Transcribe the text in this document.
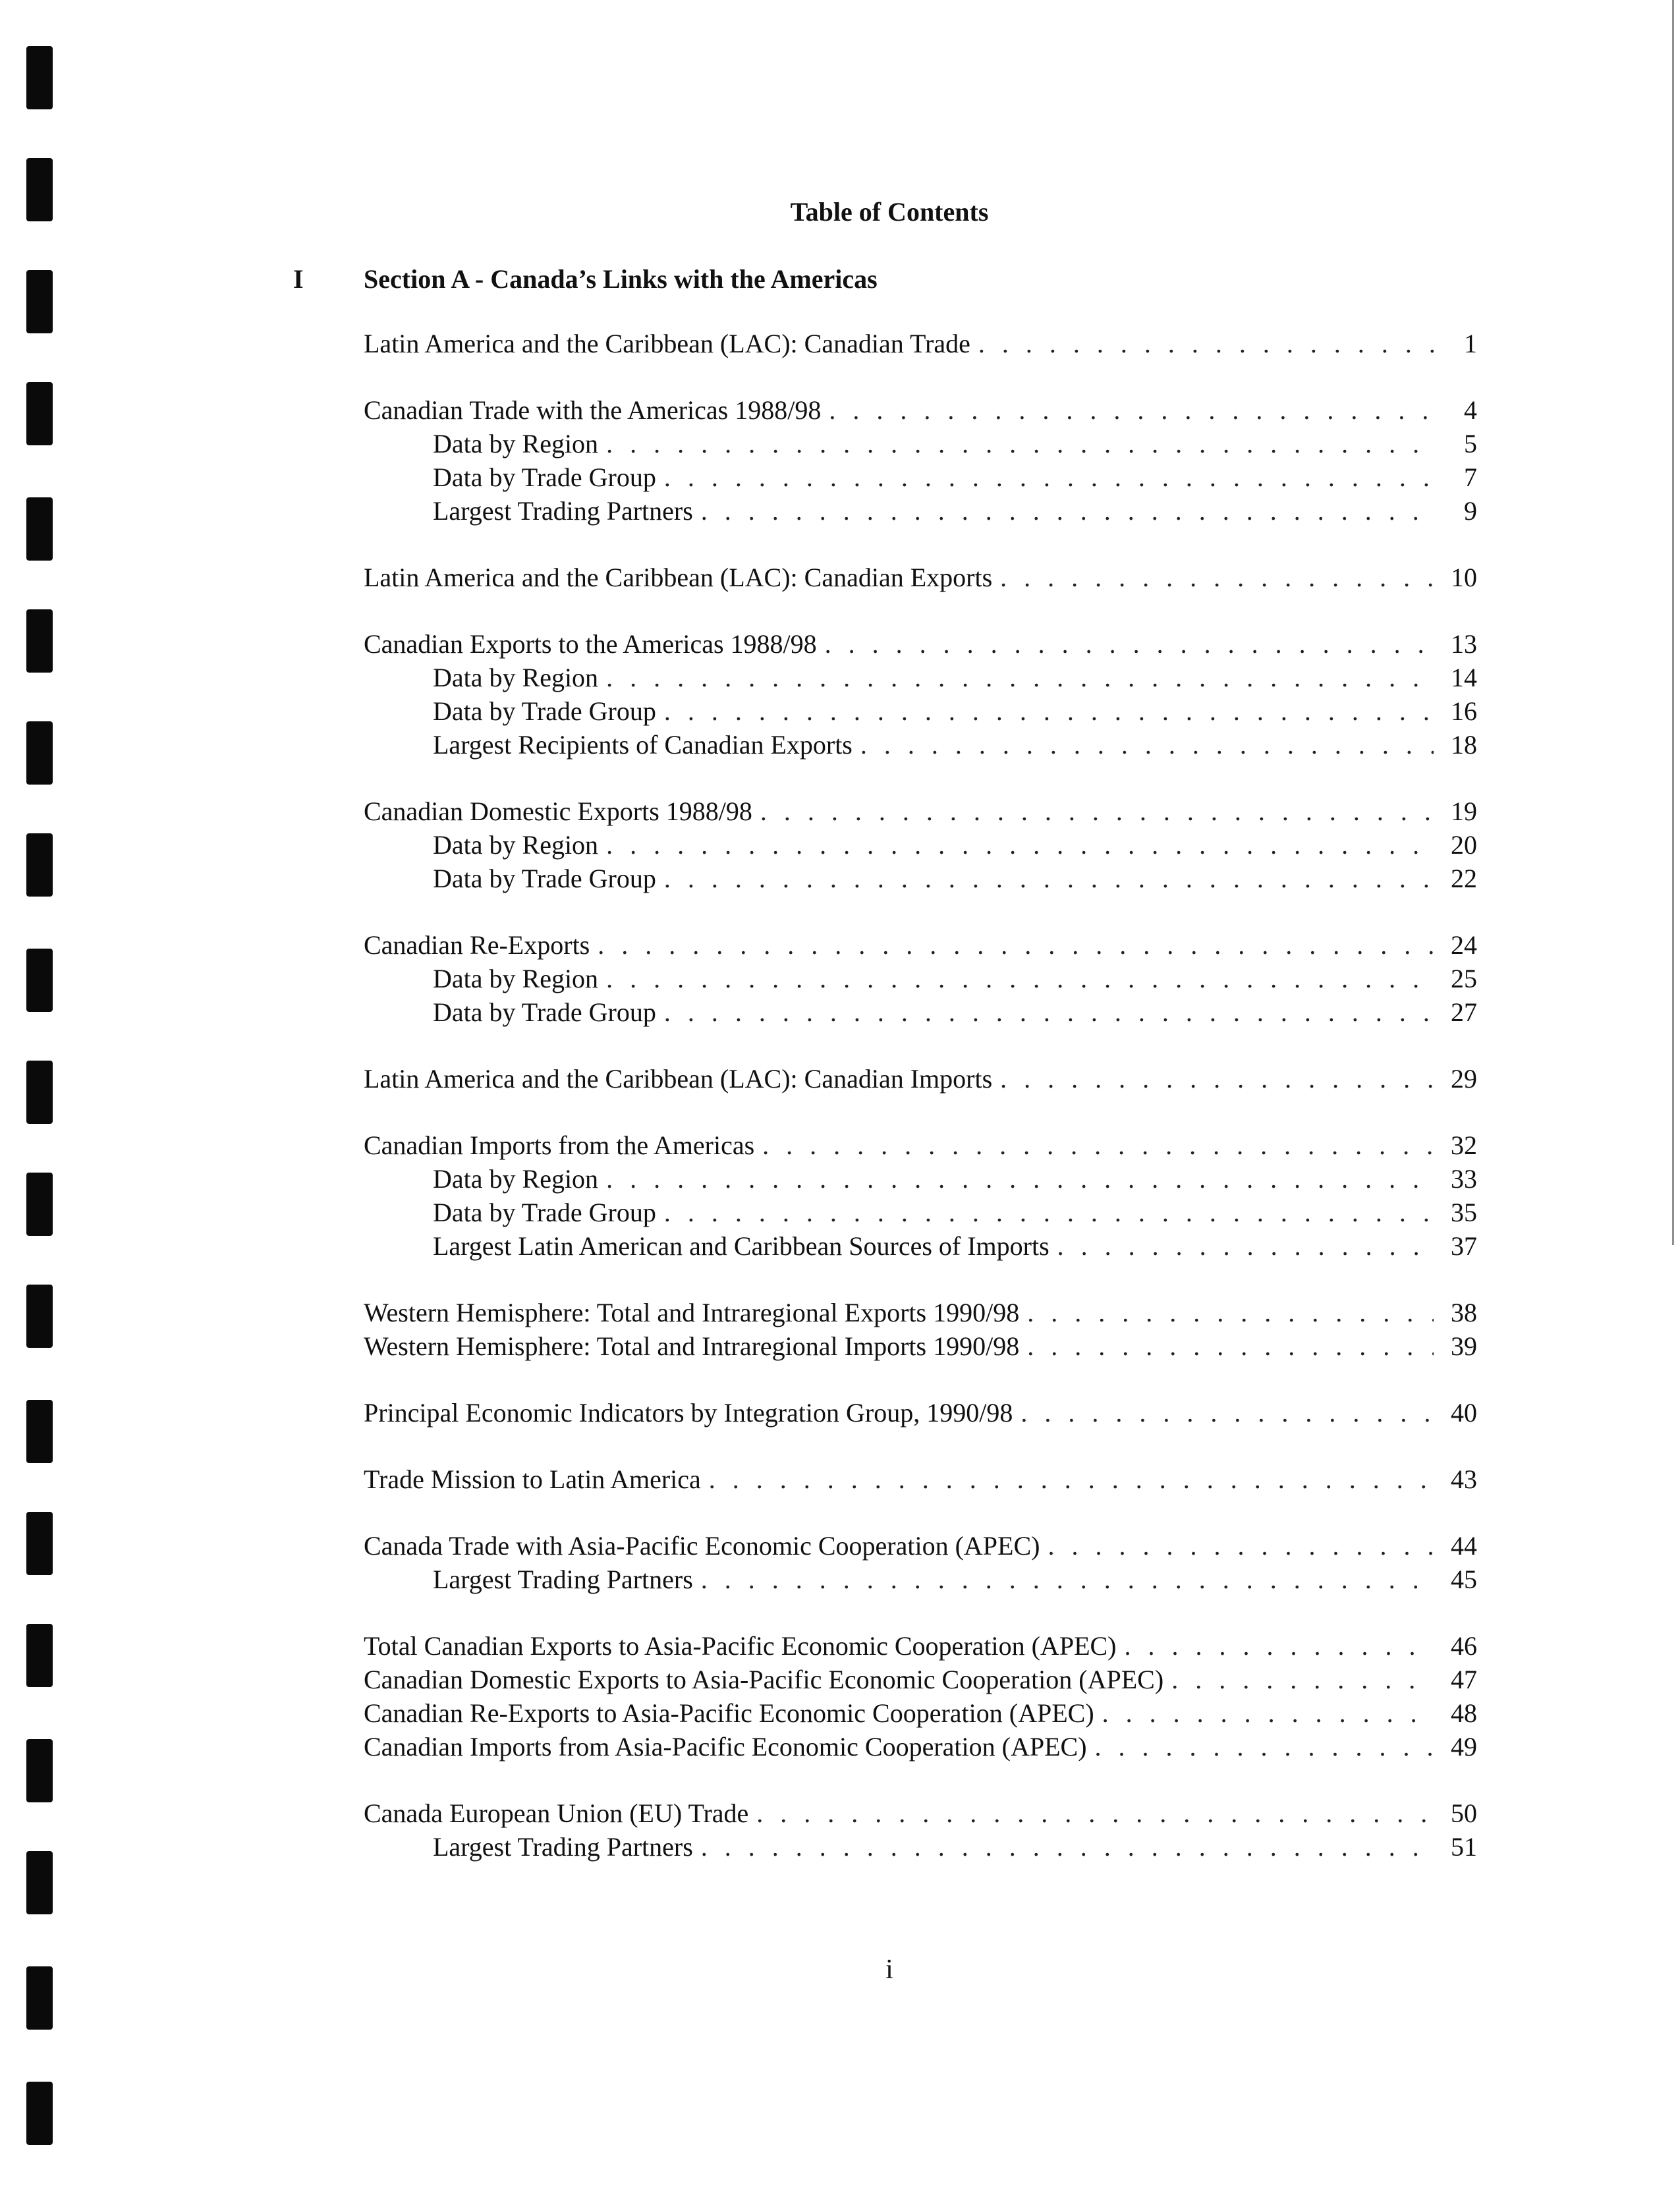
Table of Contents
I Section A - Canada’s Links with the Americas
Latin America and the Caribbean (LAC): Canadian Trade . . .	1
Canadian Trade with the Americas 1988/98 . . .	4
Data by Region . . .	5
Data by Trade Group . . .	7
Largest Trading Partners . . .	9
Latin America and the Caribbean (LAC): Canadian Exports . . .	10
Canadian Exports to the Americas 1988/98 . . .	13
Data by Region . . .	14
Data by Trade Group . . .	16
Largest Recipients of Canadian Exports . . .	18
Canadian Domestic Exports 1988/98 . . .	19
Data by Region . . .	20
Data by Trade Group . . .	22
Canadian Re-Exports . . .	24
Data by Region . . .	25
Data by Trade Group . . .	27
Latin America and the Caribbean (LAC): Canadian Imports . . .	29
Canadian Imports from the Americas . . .	32
Data by Region . . .	33
Data by Trade Group . . .	35
Largest Latin American and Caribbean Sources of Imports . . .	37
Western Hemisphere: Total and Intraregional Exports 1990/98 . . .	38
Western Hemisphere: Total and Intraregional Imports 1990/98 . . .	39
Principal Economic Indicators by Integration Group, 1990/98 . . .	40
Trade Mission to Latin America . . .	43
Canada Trade with Asia-Pacific Economic Cooperation (APEC) . . .	44
Largest Trading Partners . . .	45
Total Canadian Exports to Asia-Pacific Economic Cooperation (APEC) . . .	46
Canadian Domestic Exports to Asia-Pacific Economic Cooperation (APEC) . . .	47
Canadian Re-Exports to Asia-Pacific Economic Cooperation (APEC) . . .	48
Canadian Imports from Asia-Pacific Economic Cooperation (APEC) . . .	49
Canada European Union (EU) Trade . . .	50
Largest Trading Partners . . .	51
i
